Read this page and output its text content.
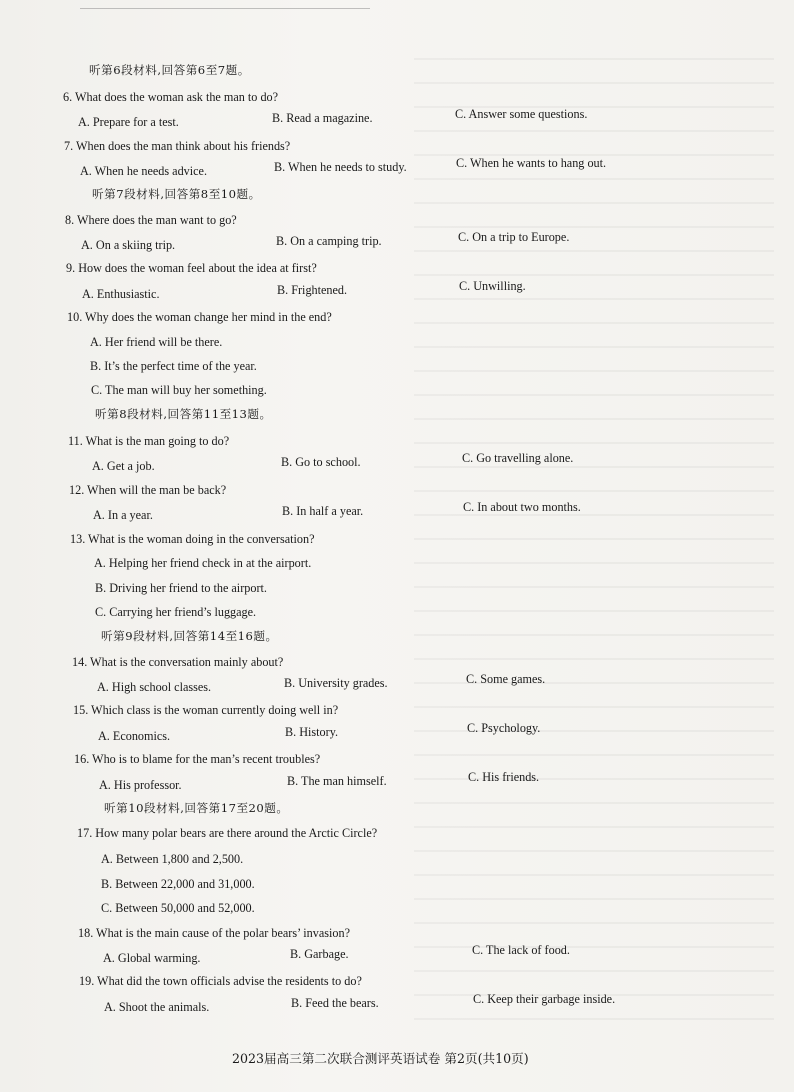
听第6段材料,回答第6至7题。
6. What does the woman ask the man to do?
A. Prepare for a test.	B. Read a magazine.	C. Answer some questions.
7. When does the man think about his friends?
A. When he needs advice.	B. When he needs to study.	C. When he wants to hang out.
听第7段材料,回答第8至10题。
8. Where does the man want to go?
A. On a skiing trip.	B. On a camping trip.	C. On a trip to Europe.
9. How does the woman feel about the idea at first?
A. Enthusiastic.	B. Frightened.	C. Unwilling.
10. Why does the woman change her mind in the end?
A. Her friend will be there.
B. It’s the perfect time of the year.
C. The man will buy her something.
听第8段材料,回答第11至13题。
11. What is the man going to do?
A. Get a job.	B. Go to school.	C. Go travelling alone.
12. When will the man be back?
A. In a year.	B. In half a year.	C. In about two months.
13. What is the woman doing in the conversation?
A. Helping her friend check in at the airport.
B. Driving her friend to the airport.
C. Carrying her friend’s luggage.
听第9段材料,回答第14至16题。
14. What is the conversation mainly about?
A. High school classes.	B. University grades.	C. Some games.
15. Which class is the woman currently doing well in?
A. Economics.	B. History.	C. Psychology.
16. Who is to blame for the man’s recent troubles?
A. His professor.	B. The man himself.	C. His friends.
听第10段材料,回答第17至20题。
17. How many polar bears are there around the Arctic Circle?
A. Between 1,800 and 2,500.
B. Between 22,000 and 31,000.
C. Between 50,000 and 52,000.
18. What is the main cause of the polar bears’ invasion?
A. Global warming.	B. Garbage.	C. The lack of food.
19. What did the town officials advise the residents to do?
A. Shoot the animals.	B. Feed the bears.	C. Keep their garbage inside.
2023届高三第二次联合测评英语试卷 第2页(共10页)
